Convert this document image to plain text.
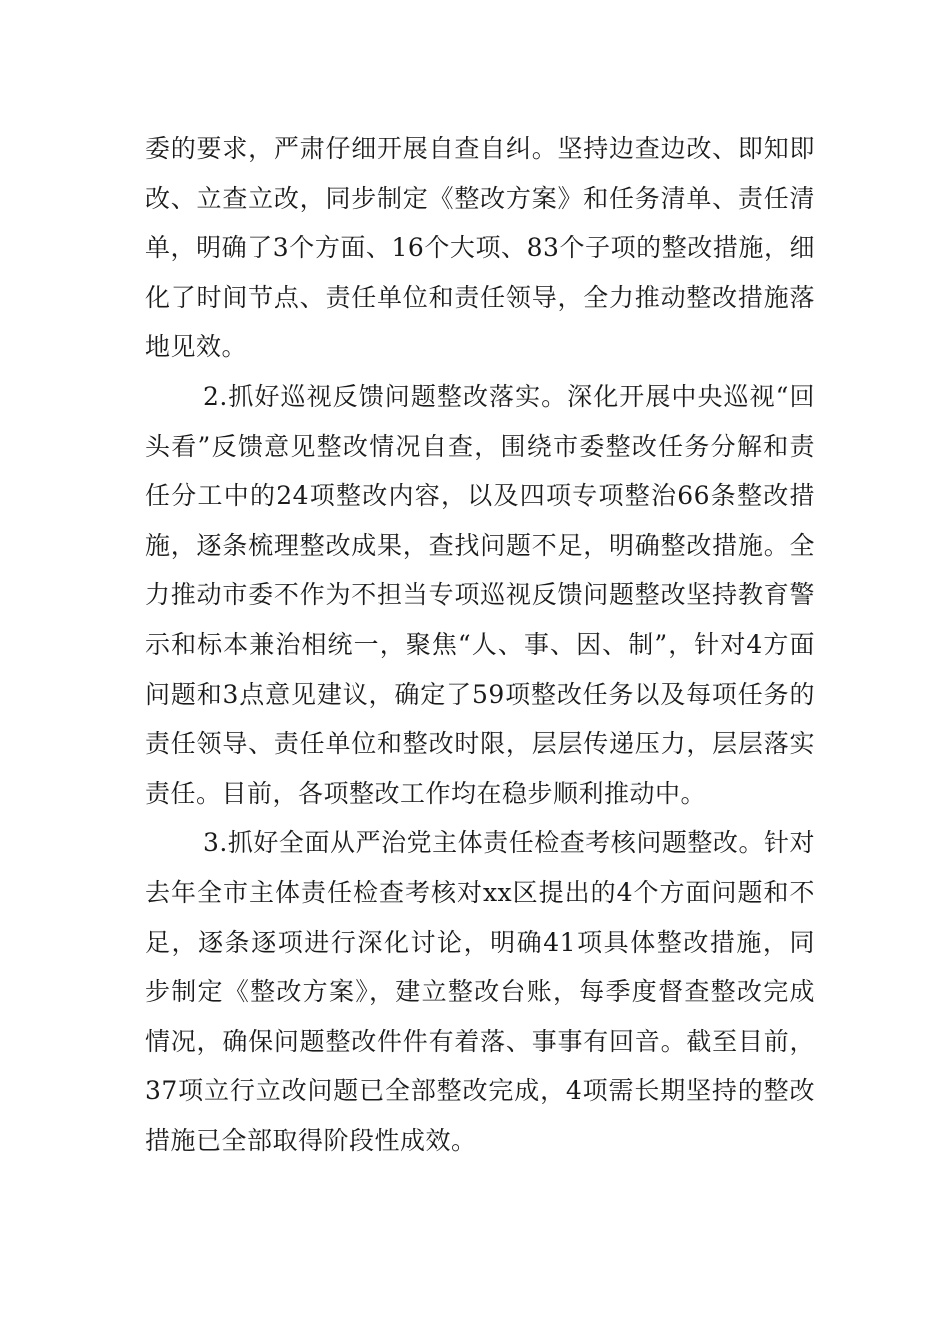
委的要求，严肃仔细开展自查自纠。坚持边查边改、即知即改、立查立改，同步制定《整改方案》和任务清单、责任清单，明确了3个方面、16个大项、83个子项的整改措施，细化了时间节点、责任单位和责任领导，全力推动整改措施落地见效。

2.抓好巡视反馈问题整改落实。深化开展中央巡视“回头看”反馈意见整改情况自查，围绕市委整改任务分解和责任分工中的24项整改内容，以及四项专项整治66条整改措施，逐条梳理整改成果，查找问题不足，明确整改措施。全力推动市委不作为不担当专项巡视反馈问题整改坚持教育警示和标本兼治相统一，聚焦“人、事、因、制”，针对4方面问题和3点意见建议，确定了59项整改任务以及每项任务的责任领导、责任单位和整改时限，层层传递压力，层层落实责任。目前，各项整改工作均在稳步顺利推动中。

3.抓好全面从严治党主体责任检查考核问题整改。针对去年全市主体责任检查考核对xx区提出的4个方面问题和不足，逐条逐项进行深化讨论，明确41项具体整改措施，同步制定《整改方案》，建立整改台账，每季度督查整改完成情况，确保问题整改件件有着落、事事有回音。截至目前，37项立行立改问题已全部整改完成，4项需长期坚持的整改措施已全部取得阶段性成效。
